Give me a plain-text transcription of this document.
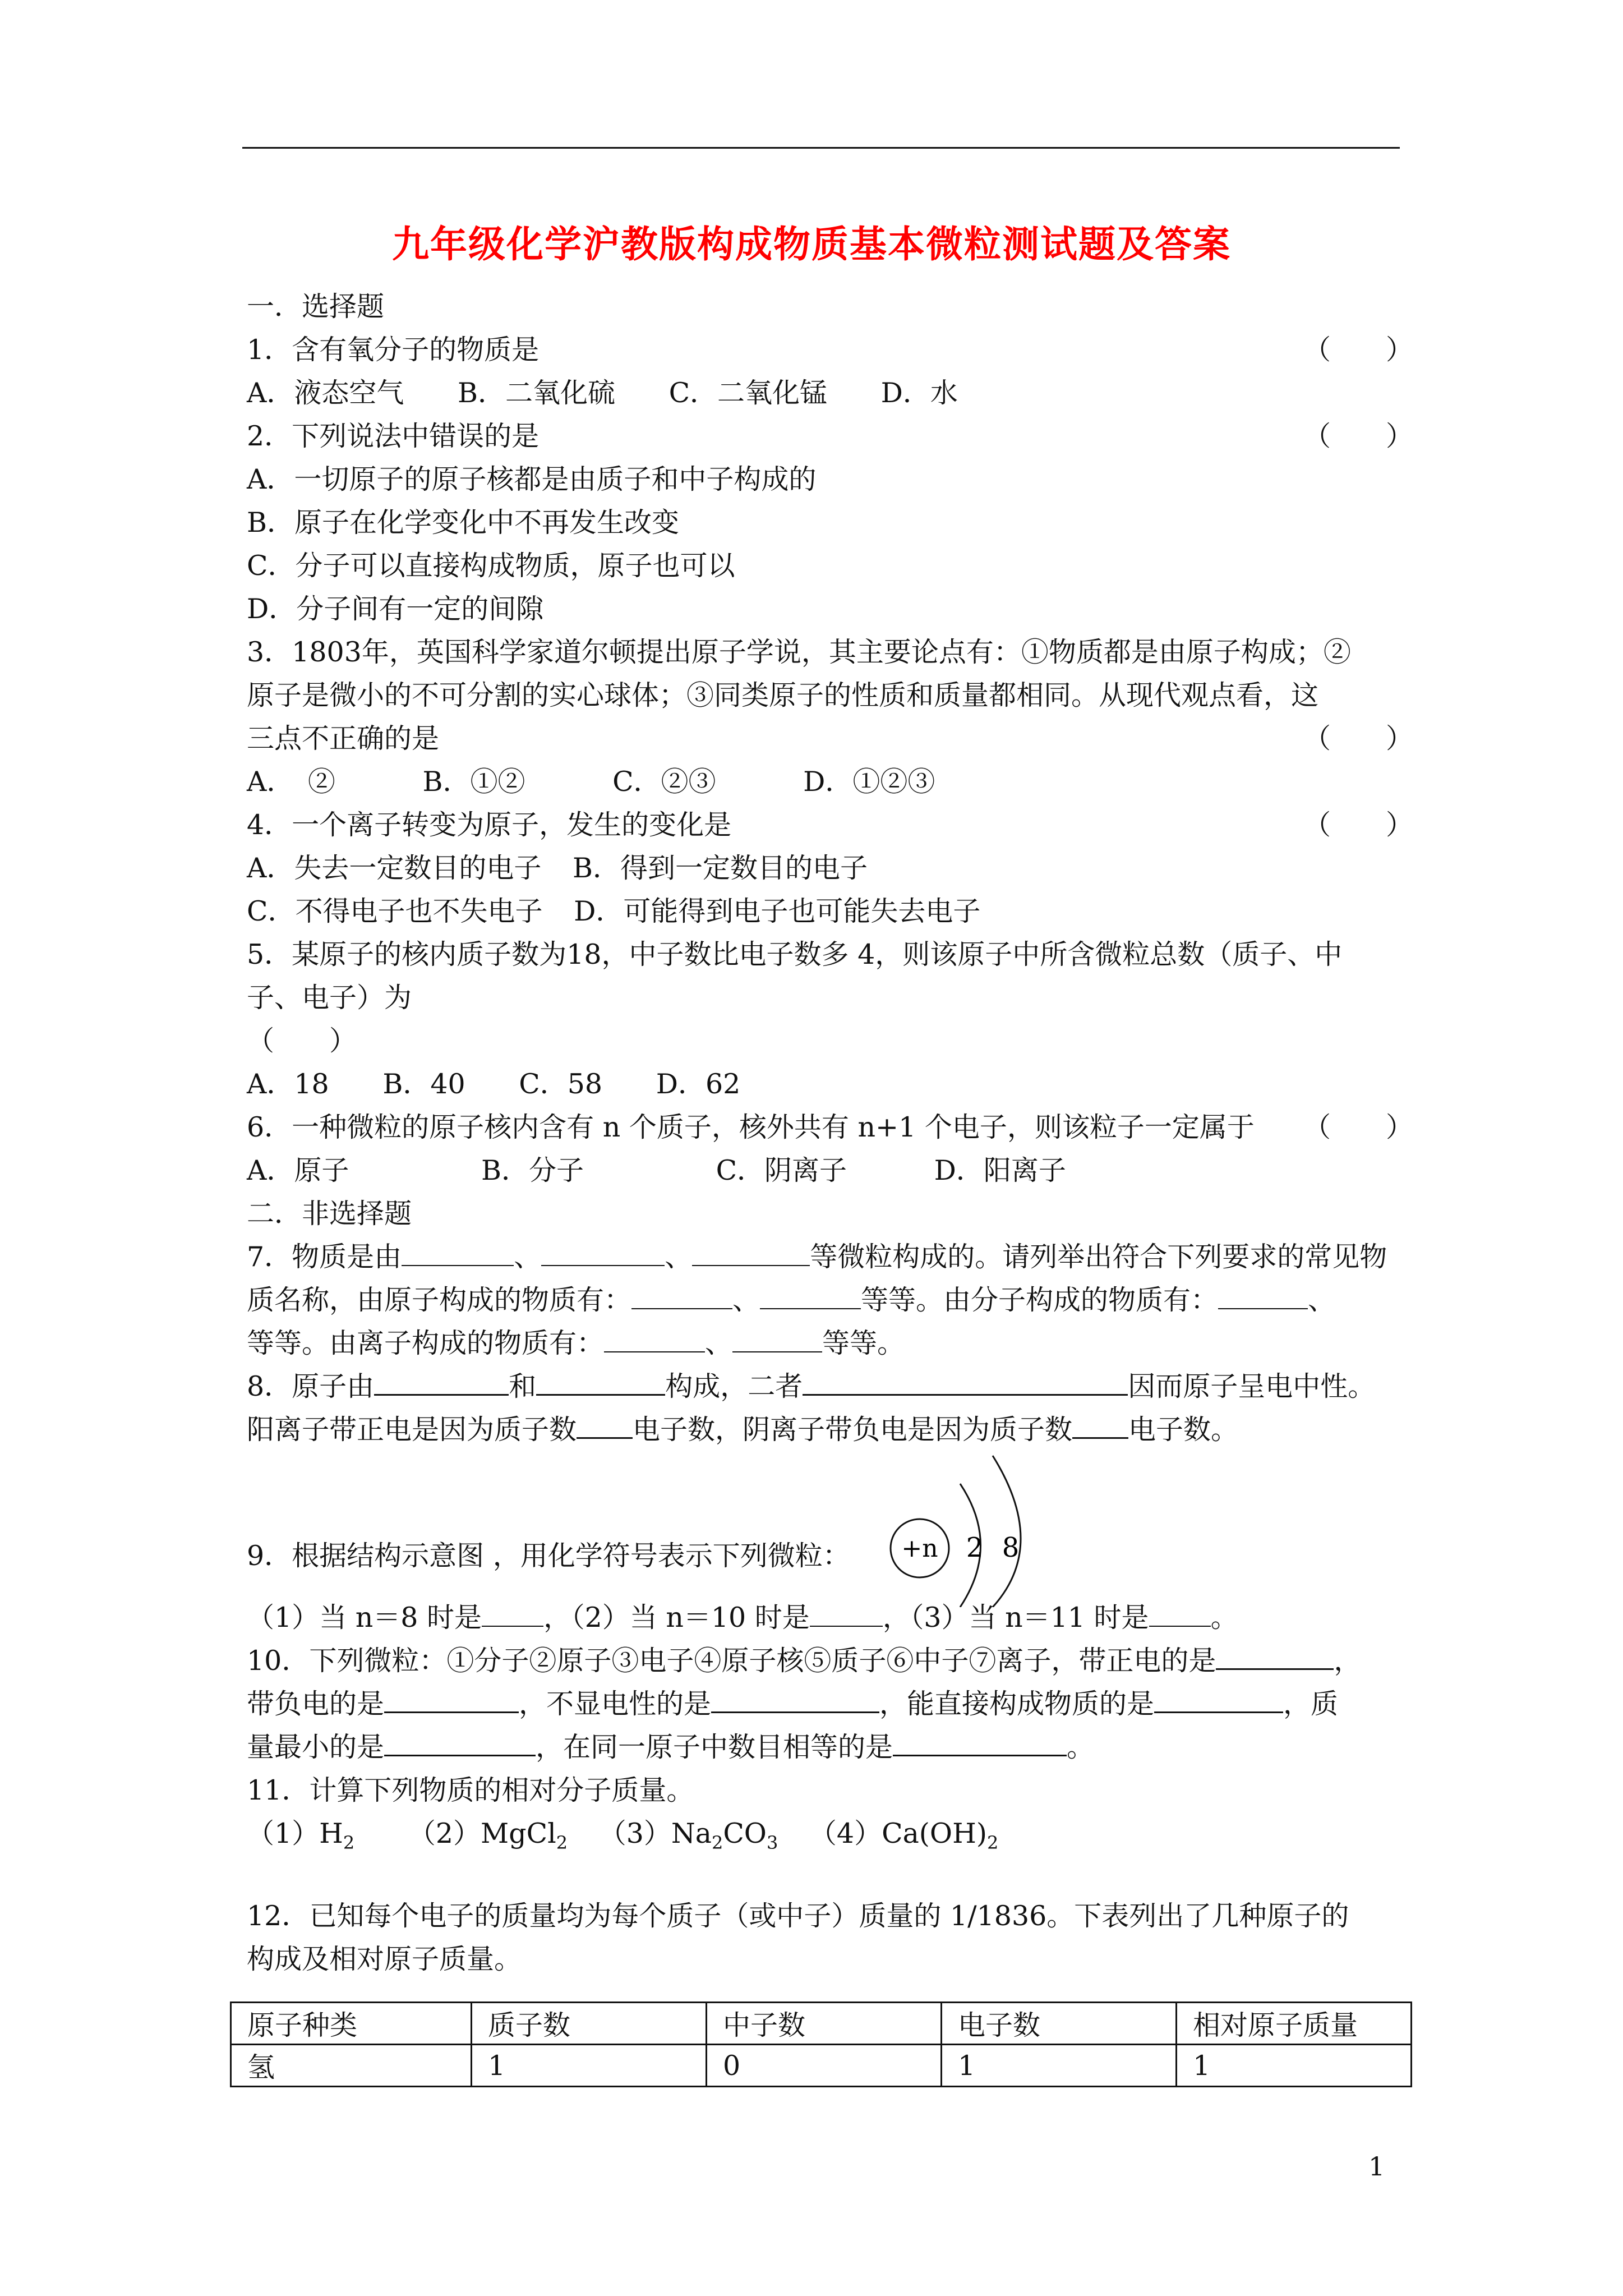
九年级化学沪教版构成物质基本微粒测试题及答案
一．选择题
1．含有氧分子的物质是	（　　）
A．液态空气 B．二氧化硫 C．二氧化锰 D．水
2．下列说法中错误的是	（　　）
A．一切原子的原子核都是由质子和中子构成的
B．原子在化学变化中不再发生改变
C．分子可以直接构成物质，原子也可以
D．分子间有一定的间隙
3．1803年，英国科学家道尔顿提出原子学说，其主要论点有：①物质都是由原子构成；②
原子是微小的不可分割的实心球体；③同类原子的性质和质量都相同。从现代观点看，这
三点不正确的是	（　　）
A．　②	B．①②	C．②③	D．①②③
4．一个离子转变为原子，发生的变化是	（　　）
A．失去一定数目的电子 B．得到一定数目的电子
C．不得电子也不失电子 D．可能得到电子也可能失去电子
5．某原子的核内质子数为18，中子数比电子数多 4，则该原子中所含微粒总数（质子、中
子、电子）为
（　　）
A．18 B．40 C．58 D．62
6．一种微粒的原子核内含有 n 个质子，核外共有 n+1 个电子，则该粒子一定属于 （　　）
A．原子	B．分子	C．阴离子	D．阳离子
二．非选择题
7．物质是由	、	、	等微粒构成的。请列举出符合下列要求的常见物
质名称，由原子构成的物质有：	、	等等。由分子构成的物质有：	、
等等。由离子构成的物质有：	、	等等。
8．原子由	和	构成，二者	因而原子呈电中性。
阳离子带正电是因为质子数 电子数，阴离子带负电是因为质子数 电子数。
9．根据结构示意图 ，用化学符号表示下列微粒： +n 2 8
（1）当 n＝8 时是 ，（2）当 n＝10 时是	，（3）当 n＝11 时是 。
10．下列微粒：①分子②原子③电子④原子核⑤质子⑥中子⑦离子，带正电的是	，
带负电的是	，不显电性的是	，能直接构成物质的是	，质
量最小的是	，在同一原子中数目相等的是	。
11．计算下列物质的相对分子质量。
$(1)H_2$ （2）MgCl$_2$ $(3)Na_2CO_3$ $(4)Ca(OH)_2$
12．已知每个电子的质量均为每个质子（或中子）质量的 1/1836。下表列出了几种原子的
构成及相对原子质量。
原子种类	质子数	中子数	电子数	相对原子质量
氢	1	0	1	1
1
